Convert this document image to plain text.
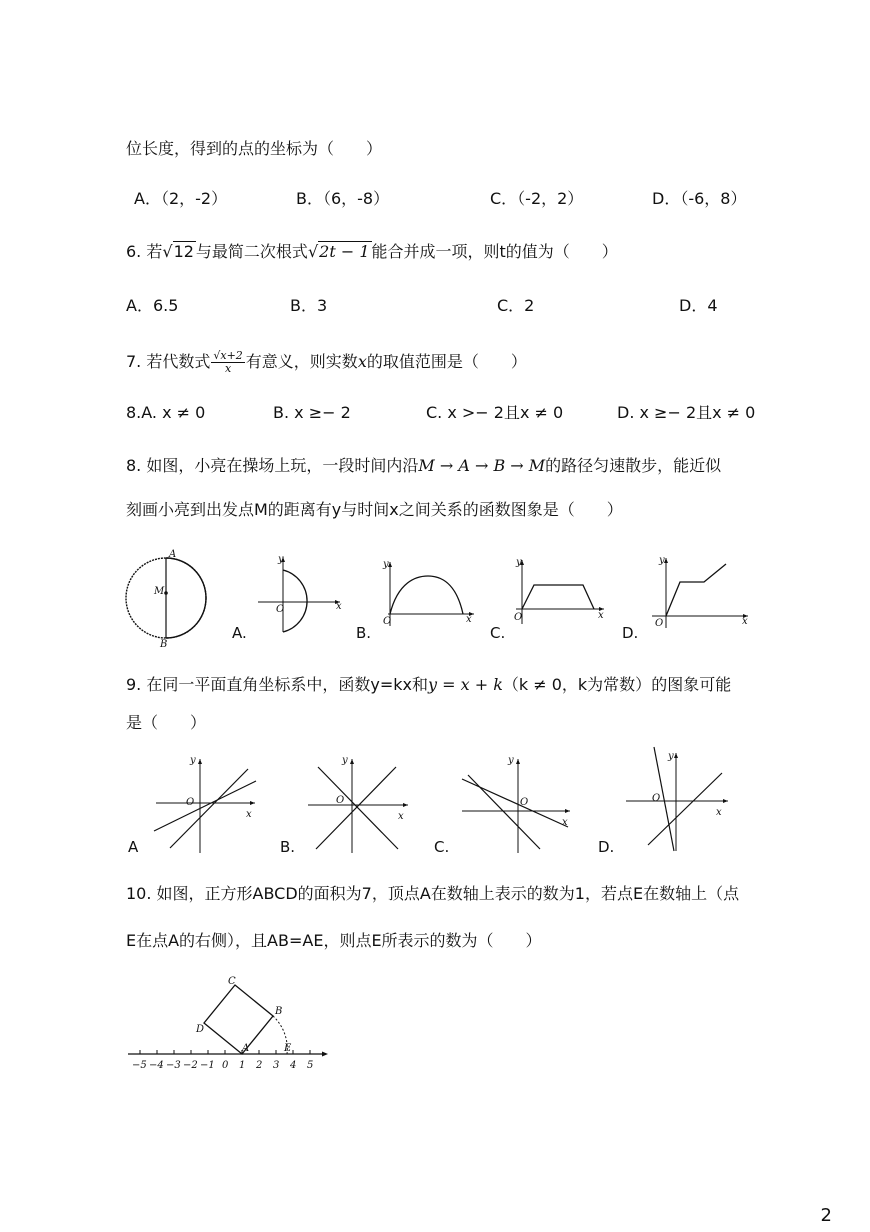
位长度，得到的点的坐标为（　　）
A．（2，-2）	B．（6，-8）	C．（-2，2）	D．（-6，8）
6. 若√12 与最简二次根式√2t − 1 能合并成一项，则t的值为（　　）
A．6.5	B．3	C．2	D．4
7. 若代数式 $\frac{√x+2}{x}$ 有意义，则实数x的取值范围是（　　）
8.A. x ≠ 0	B. x ≥− 2	C. x >− 2且x ≠ 0	D. x ≥− 2且x ≠ 0
8. 如图，小亮在操场上玩，一段时间内沿M → A → B → M的路径匀速散步，能近似
刻画小亮到出发点M的距离有y与时间x之间关系的函数图象是（　　）
A
B
M
y
O	x
A.
y
O	x
B.
y
O	x
C.
y
O	x
D.
9. 在同一平面直角坐标系中，函数y=kx和y = x + k（k ≠ 0，k为常数）的图象可能
是（　　）
y
O
x
A
y
O
x
B.
y
O
x
C.
y
O
x
D.
10. 如图，正方形ABCD的面积为7，顶点A在数轴上表示的数为1，若点E在数轴上（点
E在点A的右侧），且AB=AE，则点E所表示的数为（　　）
−5 −4 −3 −2 −1 0 1 2 3 4 5
A
B
C
D
E
2
